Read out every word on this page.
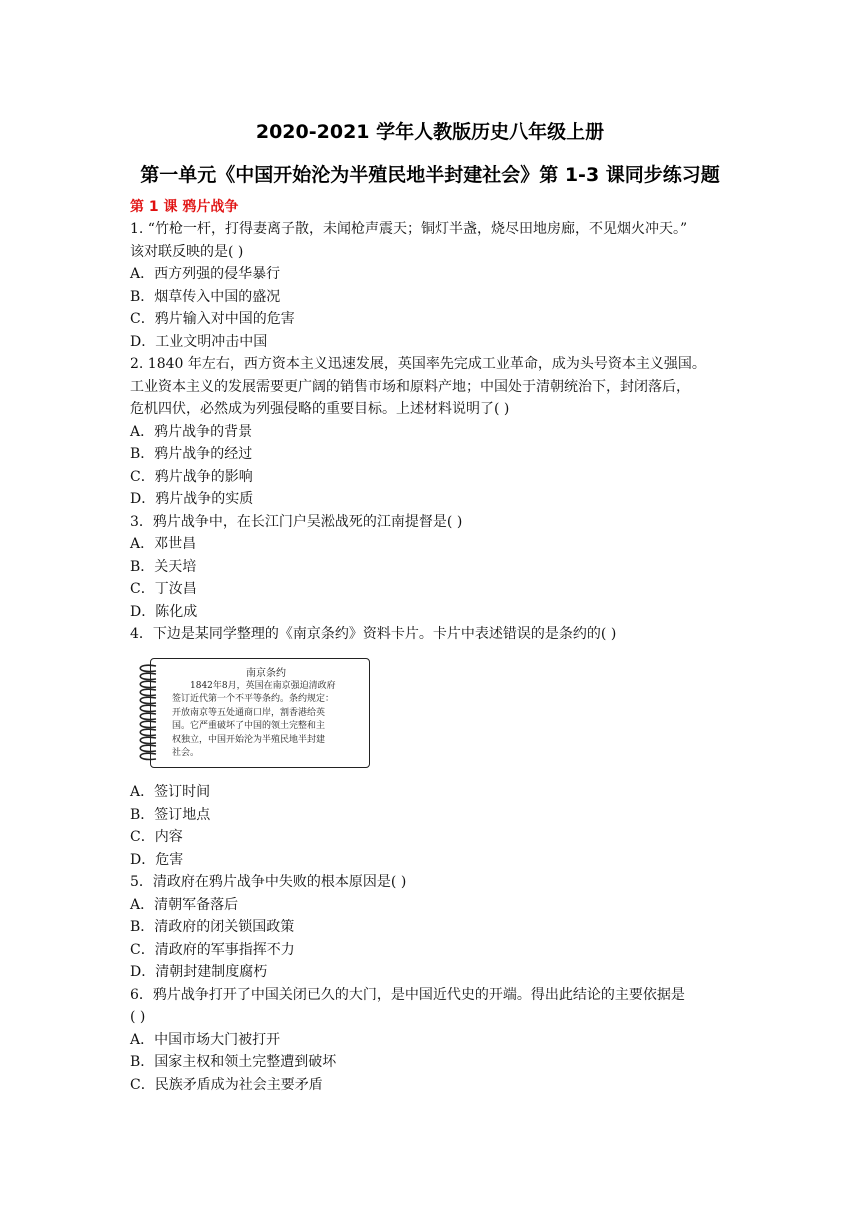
2020-2021 学年人教版历史八年级上册
第一单元《中国开始沦为半殖民地半封建社会》第 1-3 课同步练习题
第 1 课 鸦片战争
1. “竹枪一杆，打得妻离子散，未闻枪声震天；铜灯半盏，烧尽田地房廊，不见烟火冲天。”
该对联反映的是( )
A．西方列强的侵华暴行
B．烟草传入中国的盛况
C．鸦片输入对中国的危害
D．工业文明冲击中国
2. 1840 年左右，西方资本主义迅速发展，英国率先完成工业革命，成为头号资本主义强国。
工业资本主义的发展需要更广阔的销售市场和原料产地；中国处于清朝统治下，封闭落后，
危机四伏，必然成为列强侵略的重要目标。上述材料说明了( )
A．鸦片战争的背景
B．鸦片战争的经过
C．鸦片战争的影响
D．鸦片战争的实质
3．鸦片战争中，在长江门户吴淞战死的江南提督是( )
A．邓世昌
B．关天培
C．丁汝昌
D．陈化成
4．下边是某同学整理的《南京条约》资料卡片。卡片中表述错误的是条约的( )
南京条约
　　1842年8月，英国在南京强迫清政府
签订近代第一个不平等条约。条约规定：
开放南京等五处通商口岸，割香港给英
国。它严重破坏了中国的领土完整和主
权独立，中国开始沦为半殖民地半封建
社会。
A．签订时间
B．签订地点
C．内容
D．危害
5．清政府在鸦片战争中失败的根本原因是( )
A．清朝军备落后
B．清政府的闭关锁国政策
C．清政府的军事指挥不力
D．清朝封建制度腐朽
6．鸦片战争打开了中国关闭已久的大门，是中国近代史的开端。得出此结论的主要依据是
( )
A．中国市场大门被打开
B．国家主权和领土完整遭到破坏
C．民族矛盾成为社会主要矛盾
